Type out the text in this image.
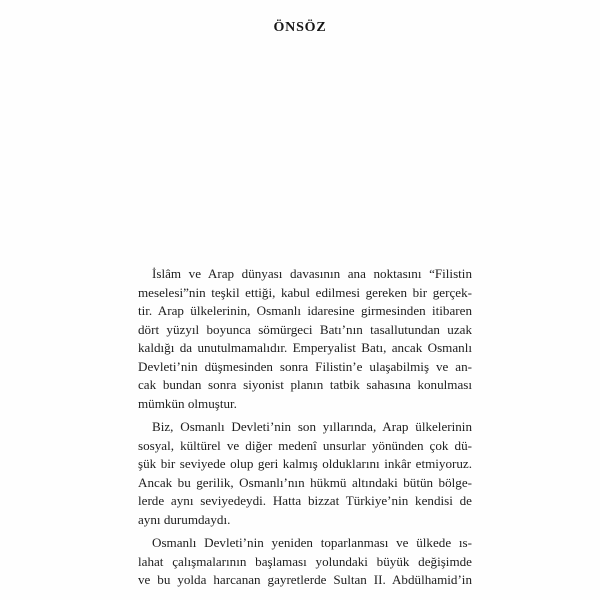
ÖNSÖZ
İslâm ve Arap dünyası davasının ana noktasını “Filistin
meselesi”nin teşkil ettiği, kabul edilmesi gereken bir gerçek-
tir. Arap ülkelerinin, Osmanlı idaresine girmesinden itibaren
dört yüzyıl boyunca sömürgeci Batı’nın tasallutundan uzak
kaldığı da unutulmamalıdır. Emperyalist Batı, ancak Osmanlı
Devleti’nin düşmesinden sonra Filistin’e ulaşabilmiş ve an-
cak bundan sonra siyonist planın tatbik sahasına konulması
mümkün olmuştur.
Biz, Osmanlı Devleti’nin son yıllarında, Arap ülkelerinin
sosyal, kültürel ve diğer medenî unsurlar yönünden çok dü-
şük bir seviyede olup geri kalmış olduklarını inkâr etmiyoruz.
Ancak bu gerilik, Osmanlı’nın hükmü altındaki bütün bölge-
lerde aynı seviyedeydi. Hatta bizzat Türkiye’nin kendisi de
aynı durumdaydı.
Osmanlı Devleti’nin yeniden toparlanması ve ülkede ıs-
lahat çalışmalarının başlaması yolundaki büyük değişimde
ve bu yolda harcanan gayretlerde Sultan II. Abdülhamid’in
